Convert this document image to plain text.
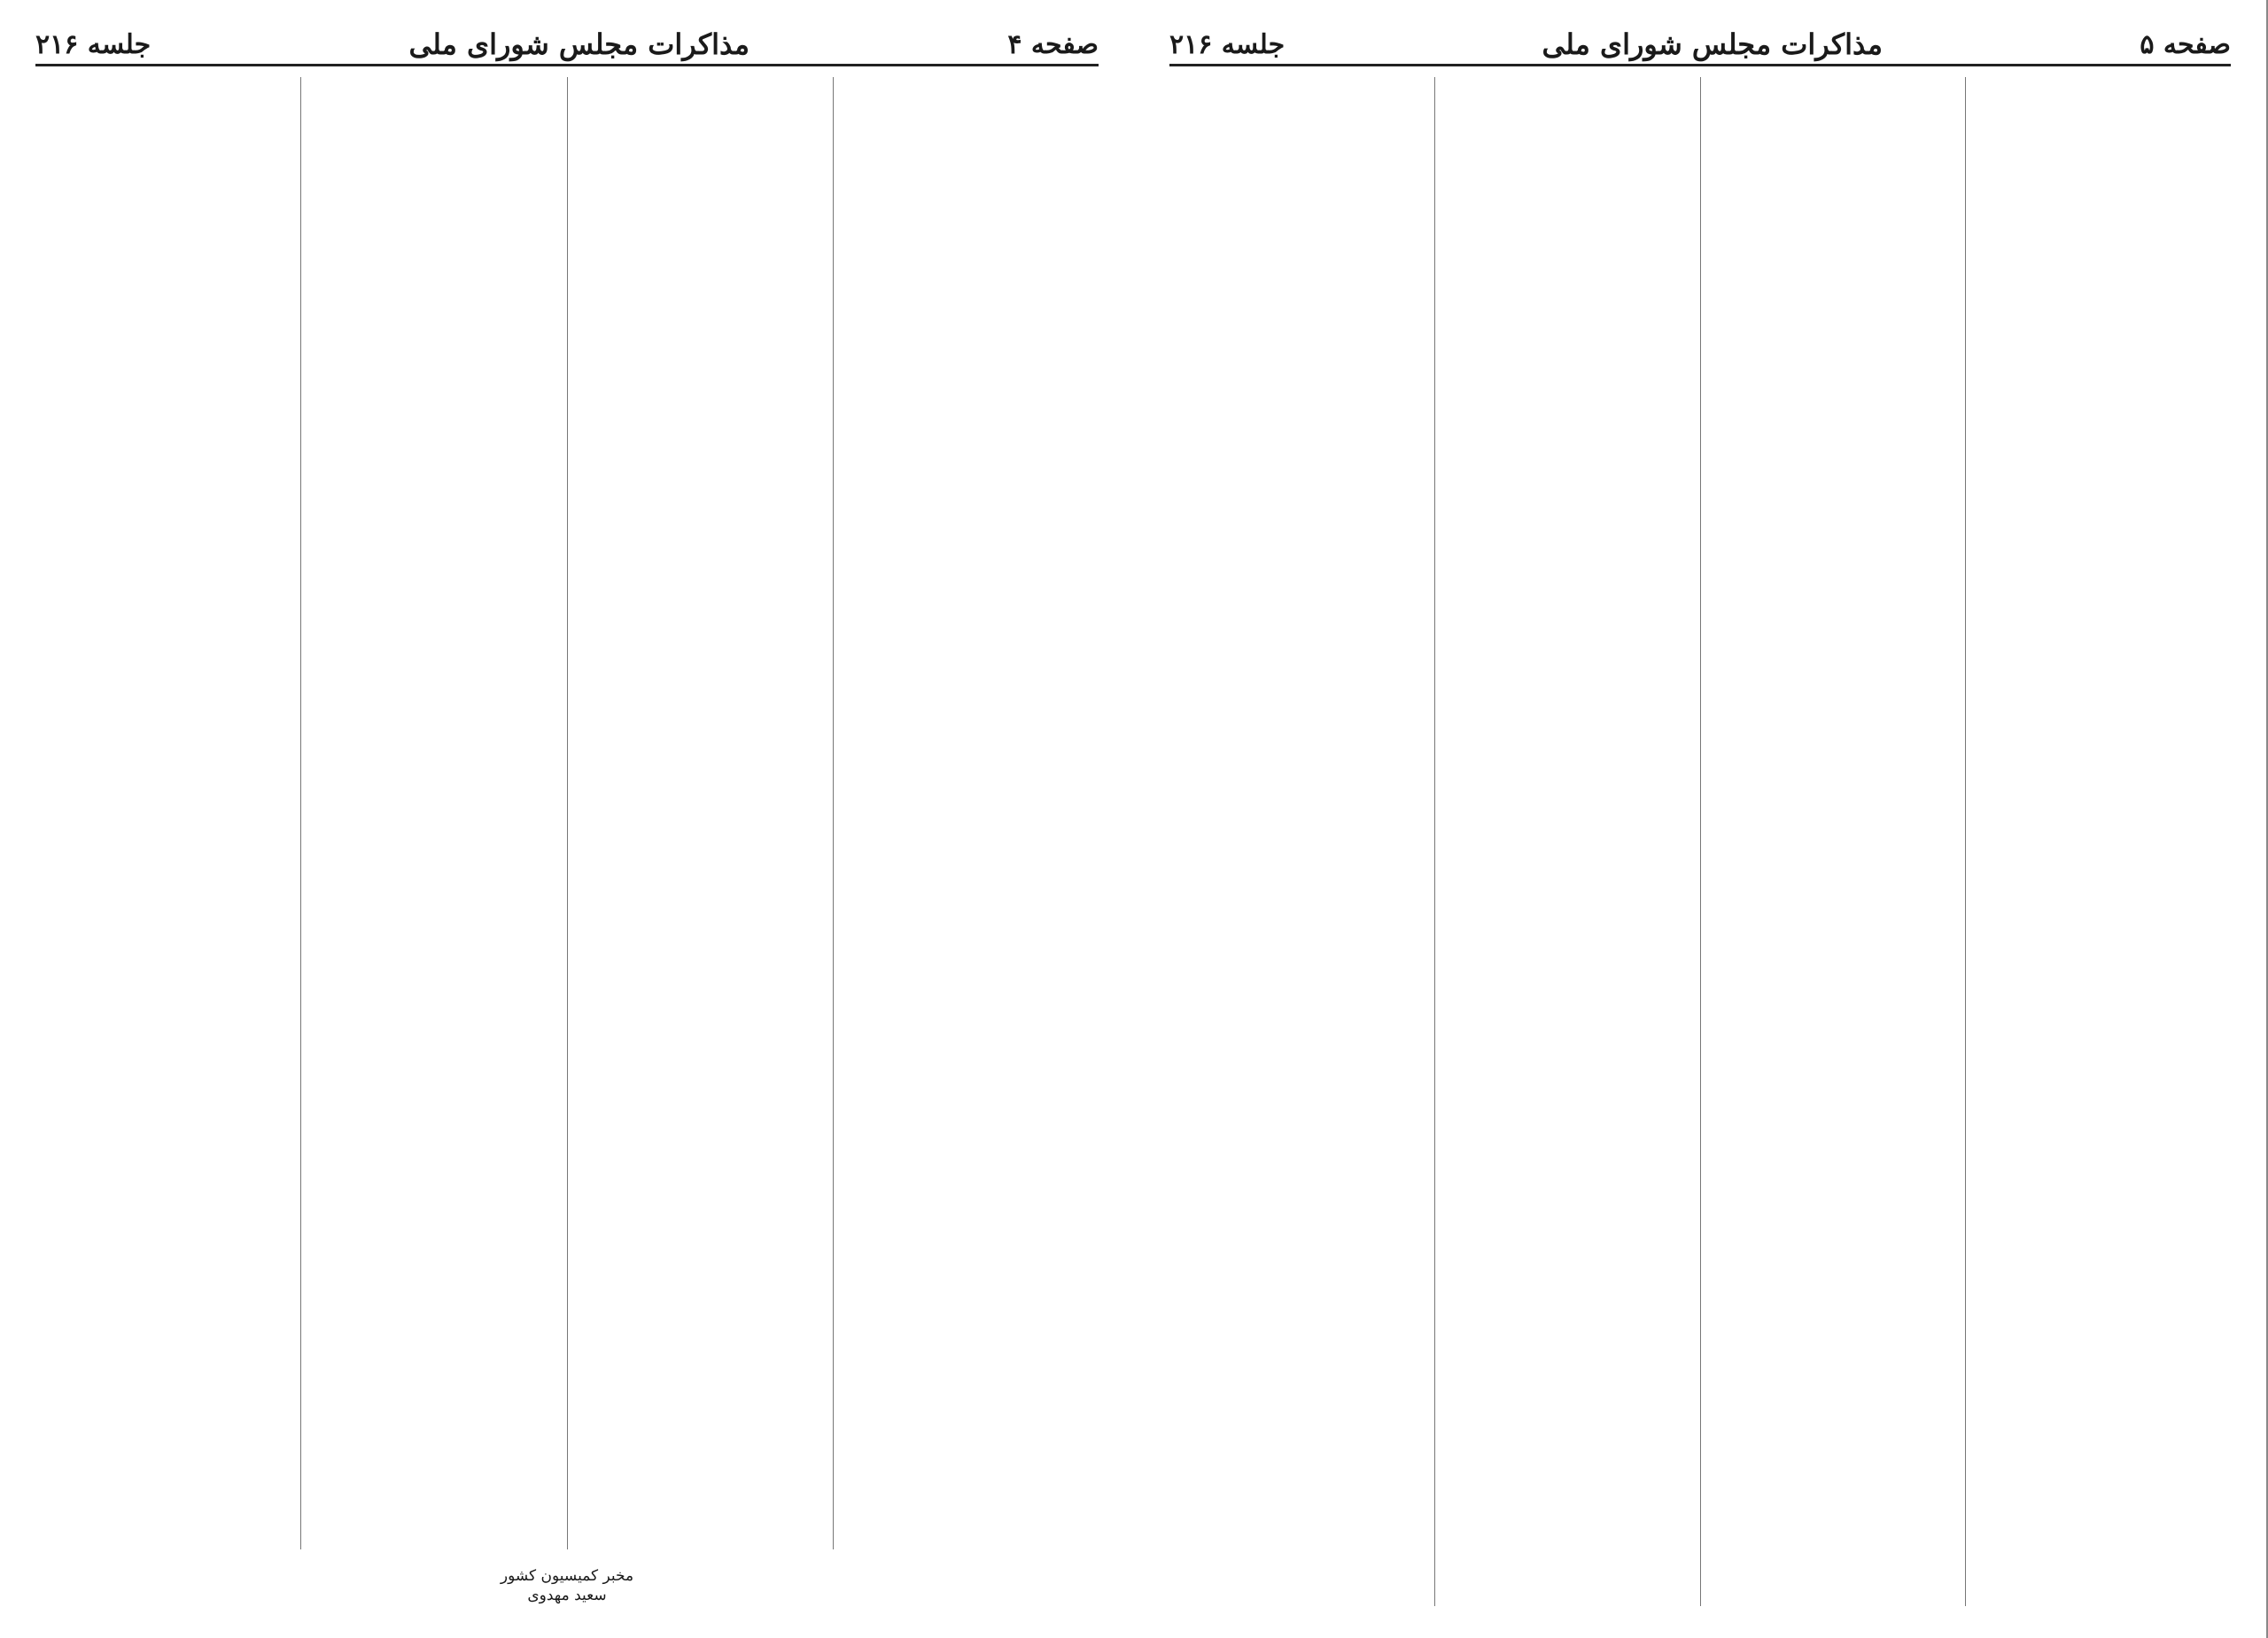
صفحه ۴
مذاکرات مجلس شورای ملی
جلسه ۲۱۶
مخبر کمیسیون کشور
سعید مهدوی
صفحه ۵
مذاکرات مجلس شورای ملی
جلسه ۲۱۶
